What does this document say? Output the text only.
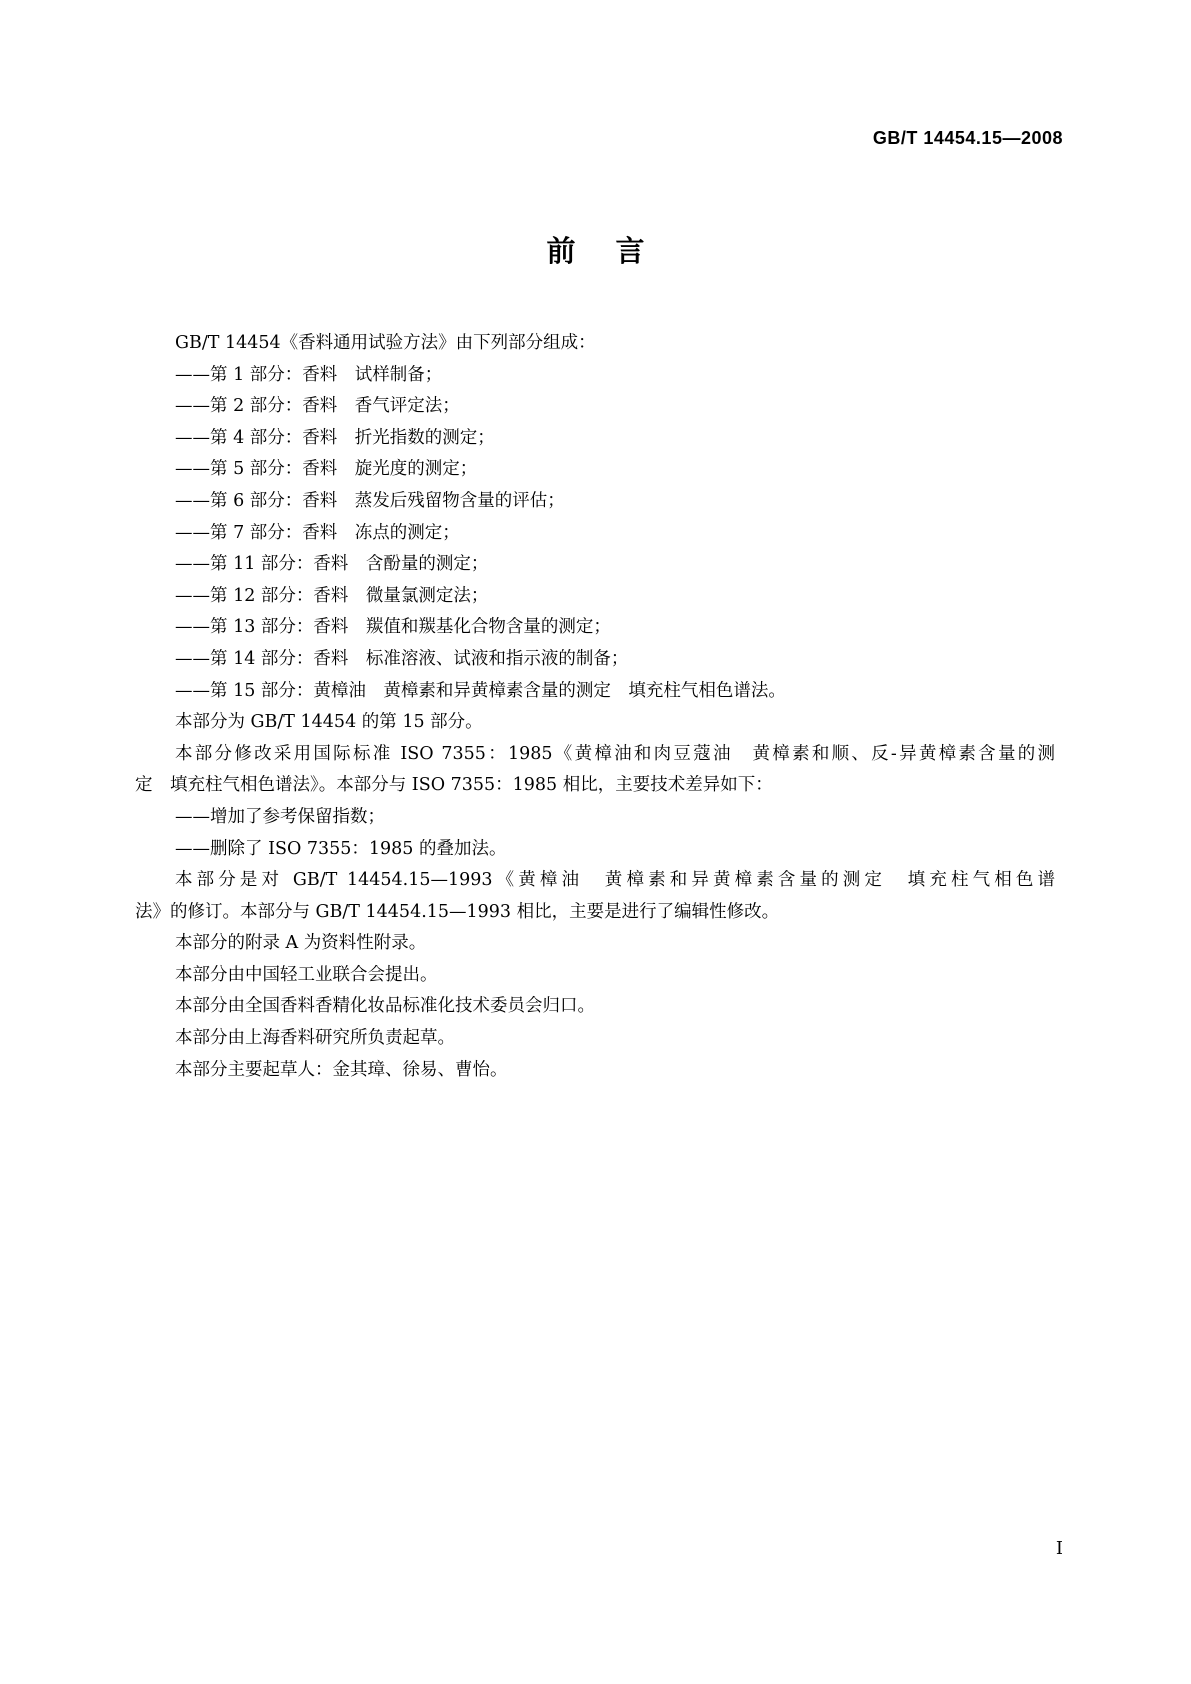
GB/T 14454.15—2008
前言
GB/T 14454《香料通用试验方法》由下列部分组成：
——第 1 部分：香料　试样制备；
——第 2 部分：香料　香气评定法；
——第 4 部分：香料　折光指数的测定；
——第 5 部分：香料　旋光度的测定；
——第 6 部分：香料　蒸发后残留物含量的评估；
——第 7 部分：香料　冻点的测定；
——第 11 部分：香料　含酚量的测定；
——第 12 部分：香料　微量氯测定法；
——第 13 部分：香料　羰值和羰基化合物含量的测定；
——第 14 部分：香料　标准溶液、试液和指示液的制备；
——第 15 部分：黄樟油　黄樟素和异黄樟素含量的测定　填充柱气相色谱法。
本部分为 GB/T 14454 的第 15 部分。
本部分修改采用国际标准 ISO 7355：1985《黄樟油和肉豆蔻油　黄樟素和顺、反-异黄樟素含量的测
定　填充柱气相色谱法》。本部分与 ISO 7355：1985 相比，主要技术差异如下：
——增加了参考保留指数；
——删除了 ISO 7355：1985 的叠加法。
本部分是对 GB/T 14454.15—1993《黄樟油　黄樟素和异黄樟素含量的测定　填充柱气相色谱
法》的修订。本部分与 GB/T 14454.15—1993 相比，主要是进行了编辑性修改。
本部分的附录 A 为资料性附录。
本部分由中国轻工业联合会提出。
本部分由全国香料香精化妆品标准化技术委员会归口。
本部分由上海香料研究所负责起草。
本部分主要起草人：金其璋、徐易、曹怡。
I
